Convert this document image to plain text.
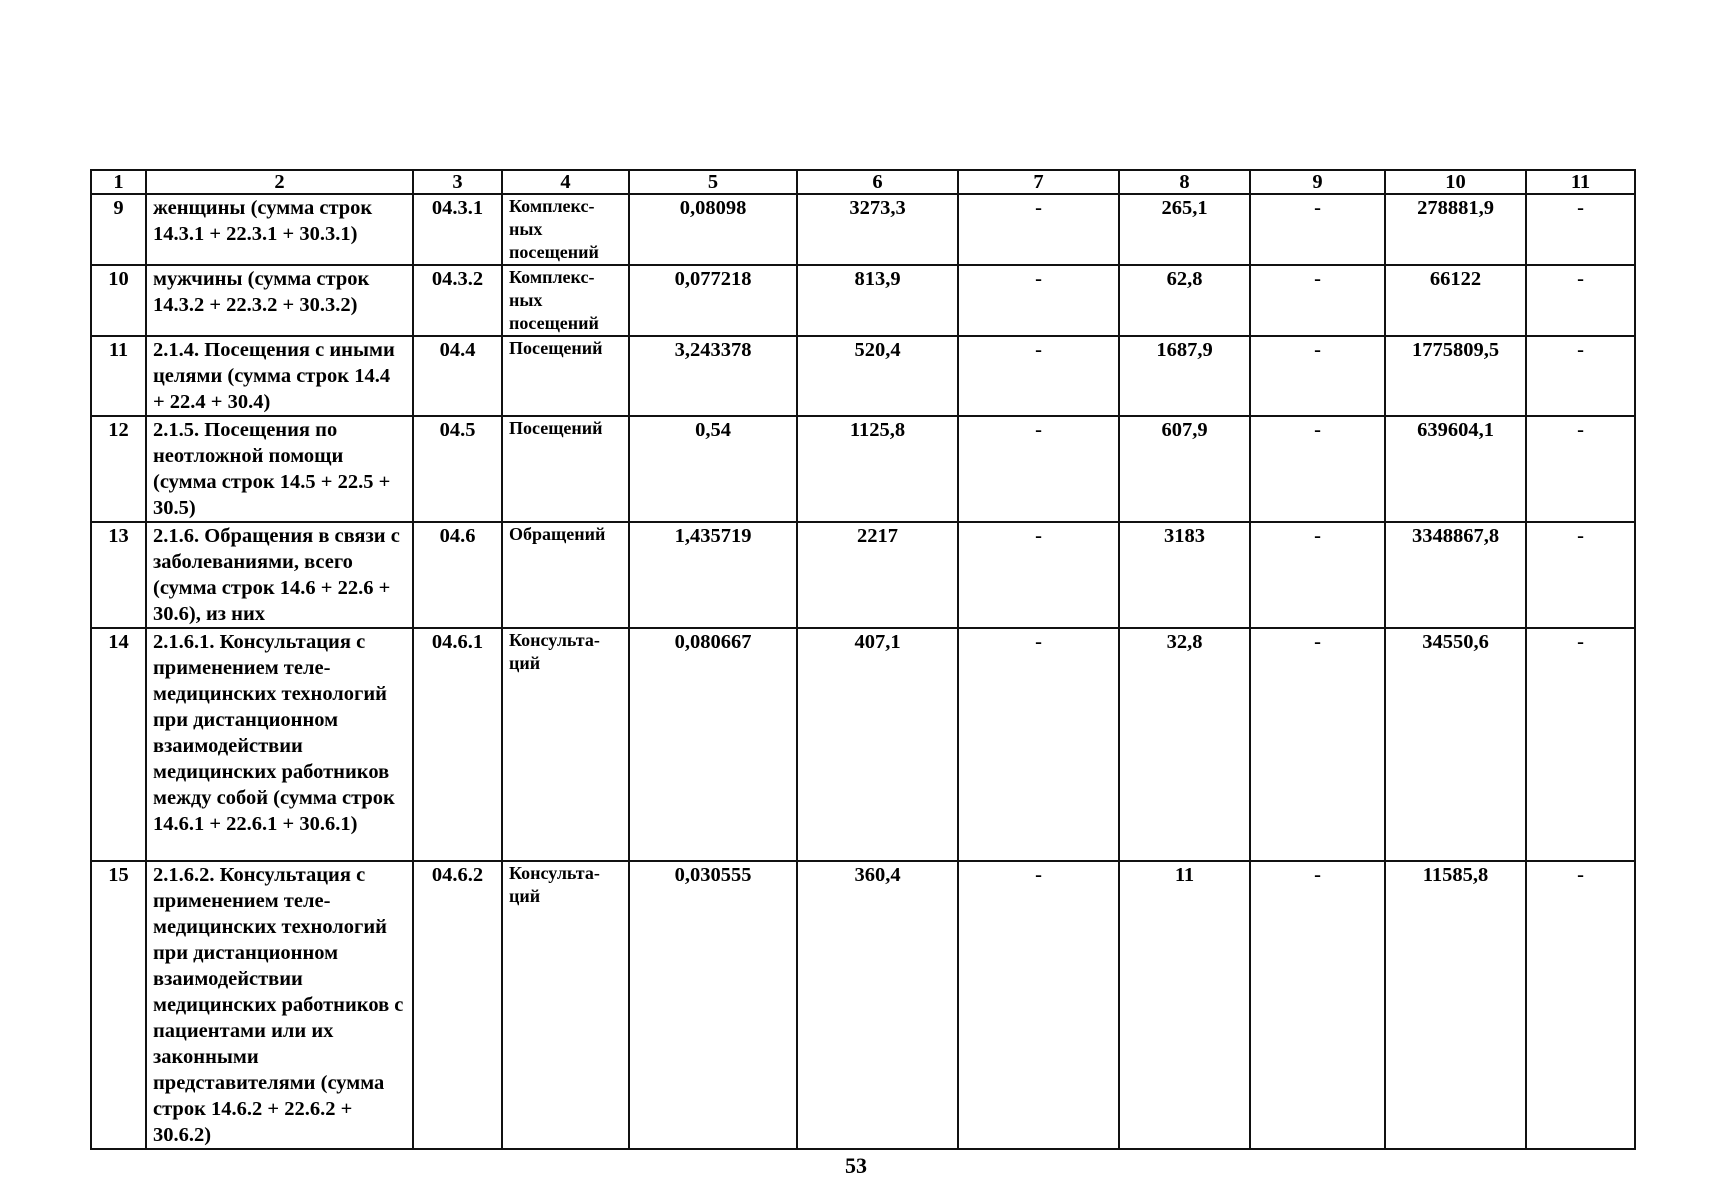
1	2	3	4	5	6	7	8	9	10	11
9	женщины (сумма строк 14.3.1 + 22.3.1 + 30.3.1)	04.3.1	Комплекс-ных посещений	0,08098	3273,3	-	265,1	-	278881,9	-
10	мужчины (сумма строк 14.3.2 + 22.3.2 + 30.3.2)	04.3.2	Комплекс-ных посещений	0,077218	813,9	-	62,8	-	66122	-
11	2.1.4. Посещения с иными целями (сумма строк 14.4 + 22.4 + 30.4)	04.4	Посещений	3,243378	520,4	-	1687,9	-	1775809,5	-
12	2.1.5. Посещения по неотложной помощи (сумма строк 14.5 + 22.5 + 30.5)	04.5	Посещений	0,54	1125,8	-	607,9	-	639604,1	-
13	2.1.6. Обращения в связи с заболеваниями, всего (сумма строк 14.6 + 22.6 + 30.6), из них	04.6	Обращений	1,435719	2217	-	3183	-	3348867,8	-
14	2.1.6.1. Консультация с применением теле-медицинских технологий при дистанционном взаимодействии медицинских работников между собой (сумма строк 14.6.1 + 22.6.1 + 30.6.1)	04.6.1	Консульта-ций	0,080667	407,1	-	32,8	-	34550,6	-
15	2.1.6.2. Консультация с применением теле-медицинских технологий при дистанционном взаимодействии медицинских работников с пациентами или их законными представителями (сумма строк 14.6.2 + 22.6.2 + 30.6.2)	04.6.2	Консульта-ций	0,030555	360,4	-	11	-	11585,8	-
53
